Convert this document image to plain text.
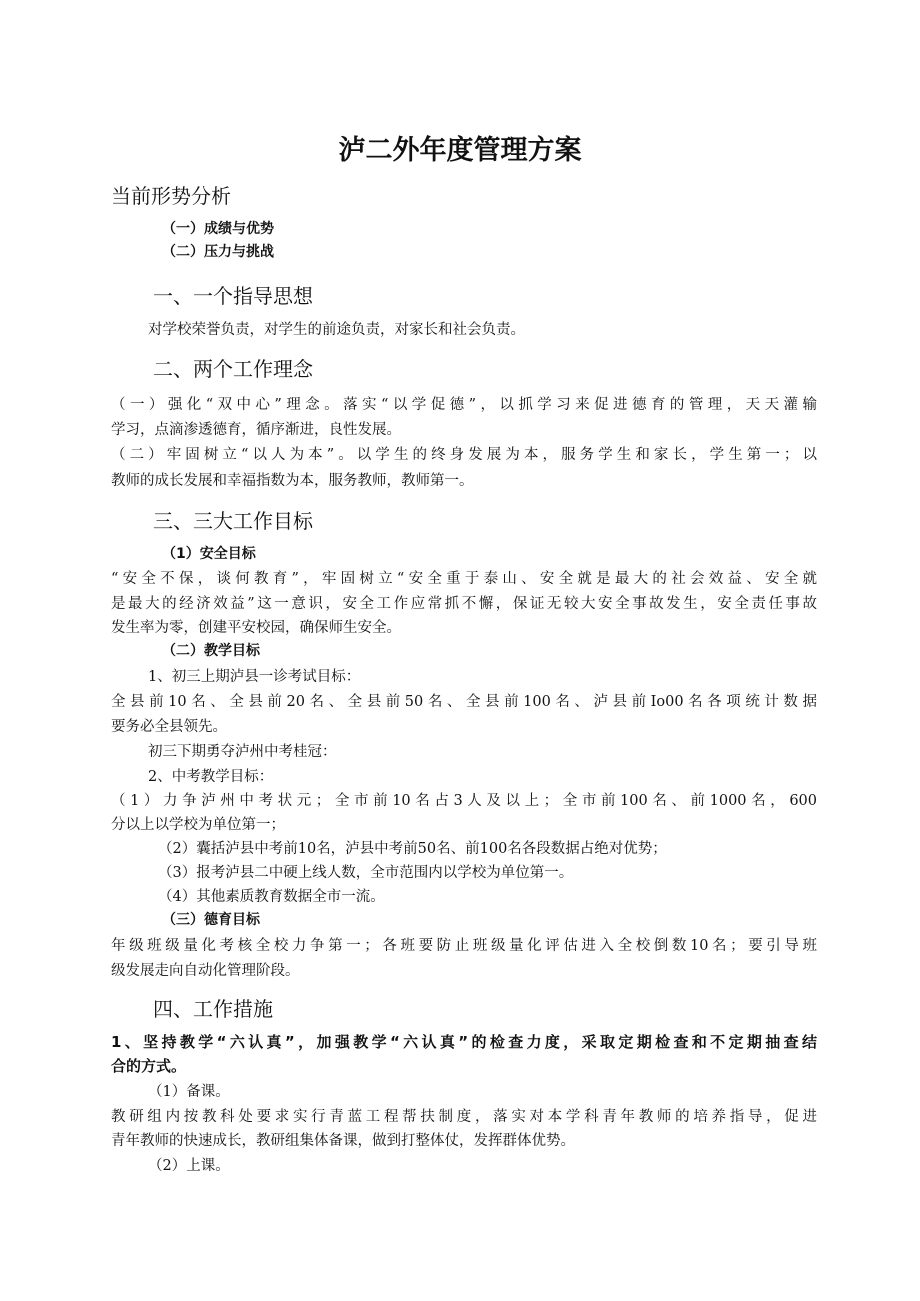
泸二外年度管理方案
当前形势分析
（一）成绩与优势
（二）压力与挑战
一、一个指导思想
对学校荣誉负责，对学生的前途负责，对家长和社会负责。
二、两个工作理念
（一）强化“双中心”理念。落实“以学促德”，以抓学习来促进德育的管理，天天灌输
学习，点滴渗透德育，循序渐进，良性发展。
（二）牢固树立“以人为本”。以学生的终身发展为本，服务学生和家长，学生第一；以
教师的成长发展和幸福指数为本，服务教师，教师第一。
三、三大工作目标
（1）安全目标
“安全不保，谈何教育”，牢固树立“安全重于泰山、安全就是最大的社会效益、安全就
是最大的经济效益”这一意识，安全工作应常抓不懈，保证无较大安全事故发生，安全责任事故
发生率为零，创建平安校园，确保师生安全。
（二）教学目标
1、初三上期泸县一诊考试目标：
全县前10名、全县前20名、全县前50名、全县前100名、泸县前Io00名各项统计数据
要务必全县领先。
初三下期勇夺泸州中考桂冠：
2、中考教学目标：
（1）力争泸州中考状元；全市前10名占3人及以上；全市前100名、前1000名，600
分以上以学校为单位第一；
（2）囊括泸县中考前10名，泸县中考前50名、前100名各段数据占绝对优势；
（3）报考泸县二中硬上线人数，全市范围内以学校为单位第一。
（4）其他素质教育数据全市一流。
（三）德育目标
年级班级量化考核全校力争第一；各班要防止班级量化评估进入全校倒数10名；要引导班
级发展走向自动化管理阶段。
四、工作措施
1、坚持教学“六认真”，加强教学“六认真”的检查力度，采取定期检查和不定期抽查结
合的方式。
（1）备课。
教研组内按教科处要求实行青蓝工程帮扶制度，落实对本学科青年教师的培养指导，促进
青年教师的快速成长，教研组集体备课，做到打整体仗，发挥群体优势。
（2）上课。
